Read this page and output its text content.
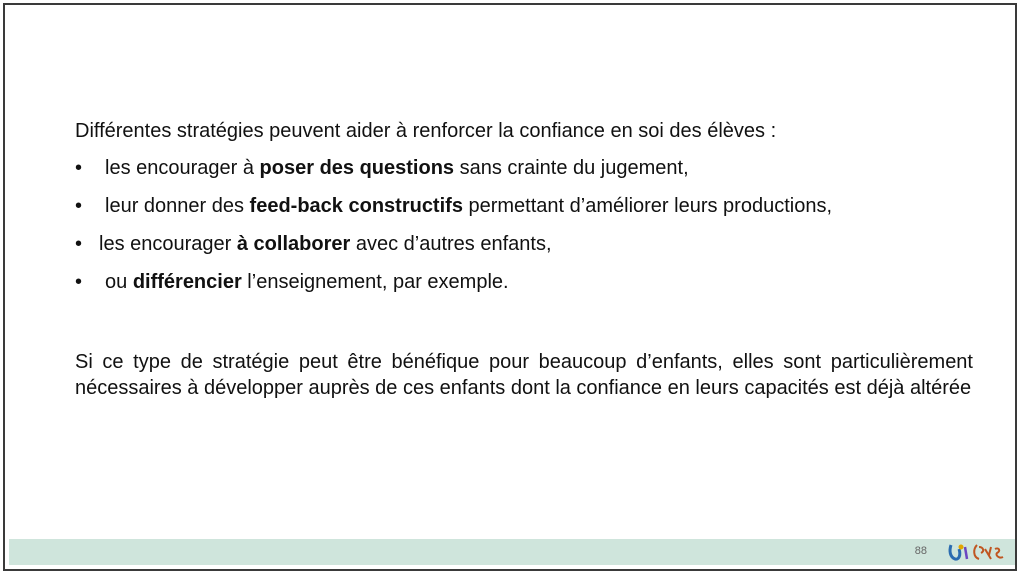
Différentes stratégies peuvent aider à renforcer la confiance en soi des élèves :

• les encourager à poser des questions sans crainte du jugement,
• leur donner des feed-back constructifs permettant d’améliorer leurs productions,
• les encourager à collaborer avec d’autres enfants,
• ou différencier l’enseignement, par exemple.

Si ce type de stratégie peut être bénéfique pour beaucoup d’enfants, elles sont particulièrement nécessaires à développer auprès de ces enfants dont la confiance en leurs capacités est déjà altérée

88
